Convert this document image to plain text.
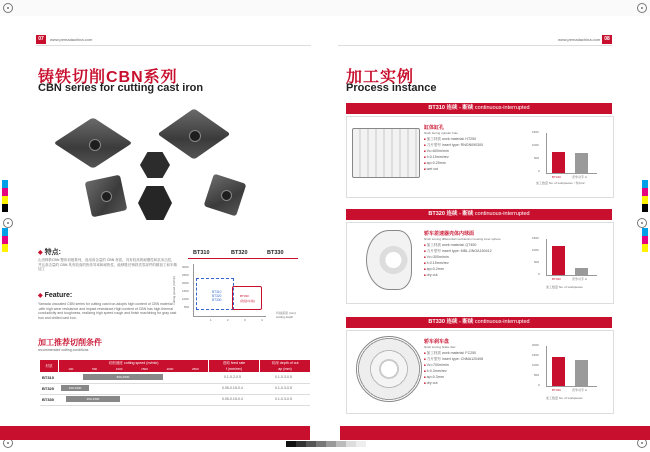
07	www.pemadachina.com
铸铁切削CBN系列
CBN series for cutting cast iron
◆ 特点:
山田铸铁CBN 整体切削系列，选用高含量的 CBN 材质，具有较高的耐磨性和抗冲击性，并且高含量的 CBN 具有较高的热传导率和耐热性，能够胜任铸铁类零部件的精加工和半精加工
◆ Feature:
Yamada uncoated CBN series for cutting cast iron,adopts high content of CBN material ,with high wear resistance and impact resistance,High content of CBN has high thermal conductivity and toughness, realizing high speed rough and finish machining for gray cast iron and chilled cast iron.
BT310	BT320	BT330
cutting speed (m/min)
3000
2500
2000
1500
1000
500
1	2	3	4
BT310
BT320
BT330
BT330
(铣削/车削)
切削深度 (mm)
cutting depth
加工推荐切削条件
recommended cutting conditions
材质
切削速度 cutting speed (m/min)
100	500	1000	1500	2000	2500
进给 feed rate
f (mm/rev)
切深 depth of cut
ap (mm)
BT310	500-2500	0.1-0.2-0.5	0.1-0.3-0.5
BT320	100-1000	0.05-0.15-0.4	0.1-0.3-0.5
BT330	200-1500	0.05-0.15-0.4	0.1-0.3-0.5
www.pemadachina.com 08
加工实例
Process instance
BT310 连续 - 断续 continuous-interrupted
缸体缸孔
finish boring cylinder hole
■ 加工材质 work material: HT250
■ 刀片型号 insert type: RNGN090300
■ Vc=600m/min
■ f=0.15mm/rev
■ ap=0.25mm
■ wet cut
1500
1000
500
0
BT310	竞争对手 A
加工数量 No. of workpieces（件/pcs）
BT320 连续 - 断续 continuous-interrupted
轿车差速器壳体内球面
finish turning differential mechanism housing inner sphere
■ 加工材质 work material: QT450
■ 刀片型号 insert type: MBL-DNGA150412
■ Vc=300m/min
■ f=0.15mm/rev
■ ap=0.2mm
■ dry cut
1500
1000
500
0
BT320	竞争对手 A
加工数量 No. of workpieces
BT330 连续 - 断续 continuous-interrupted
轿车刹车盘
finish turning brake disc
■ 加工材质 work material: FC250
■ 刀片型号 insert type: CNMA120408
■ Vc=700m/min
■ f=0.3mm/rev
■ ap=0.3mm
■ dry cut
2000
1500
1000
500
0
BT330	竞争对手 A
加工数量 No. of workpieces
